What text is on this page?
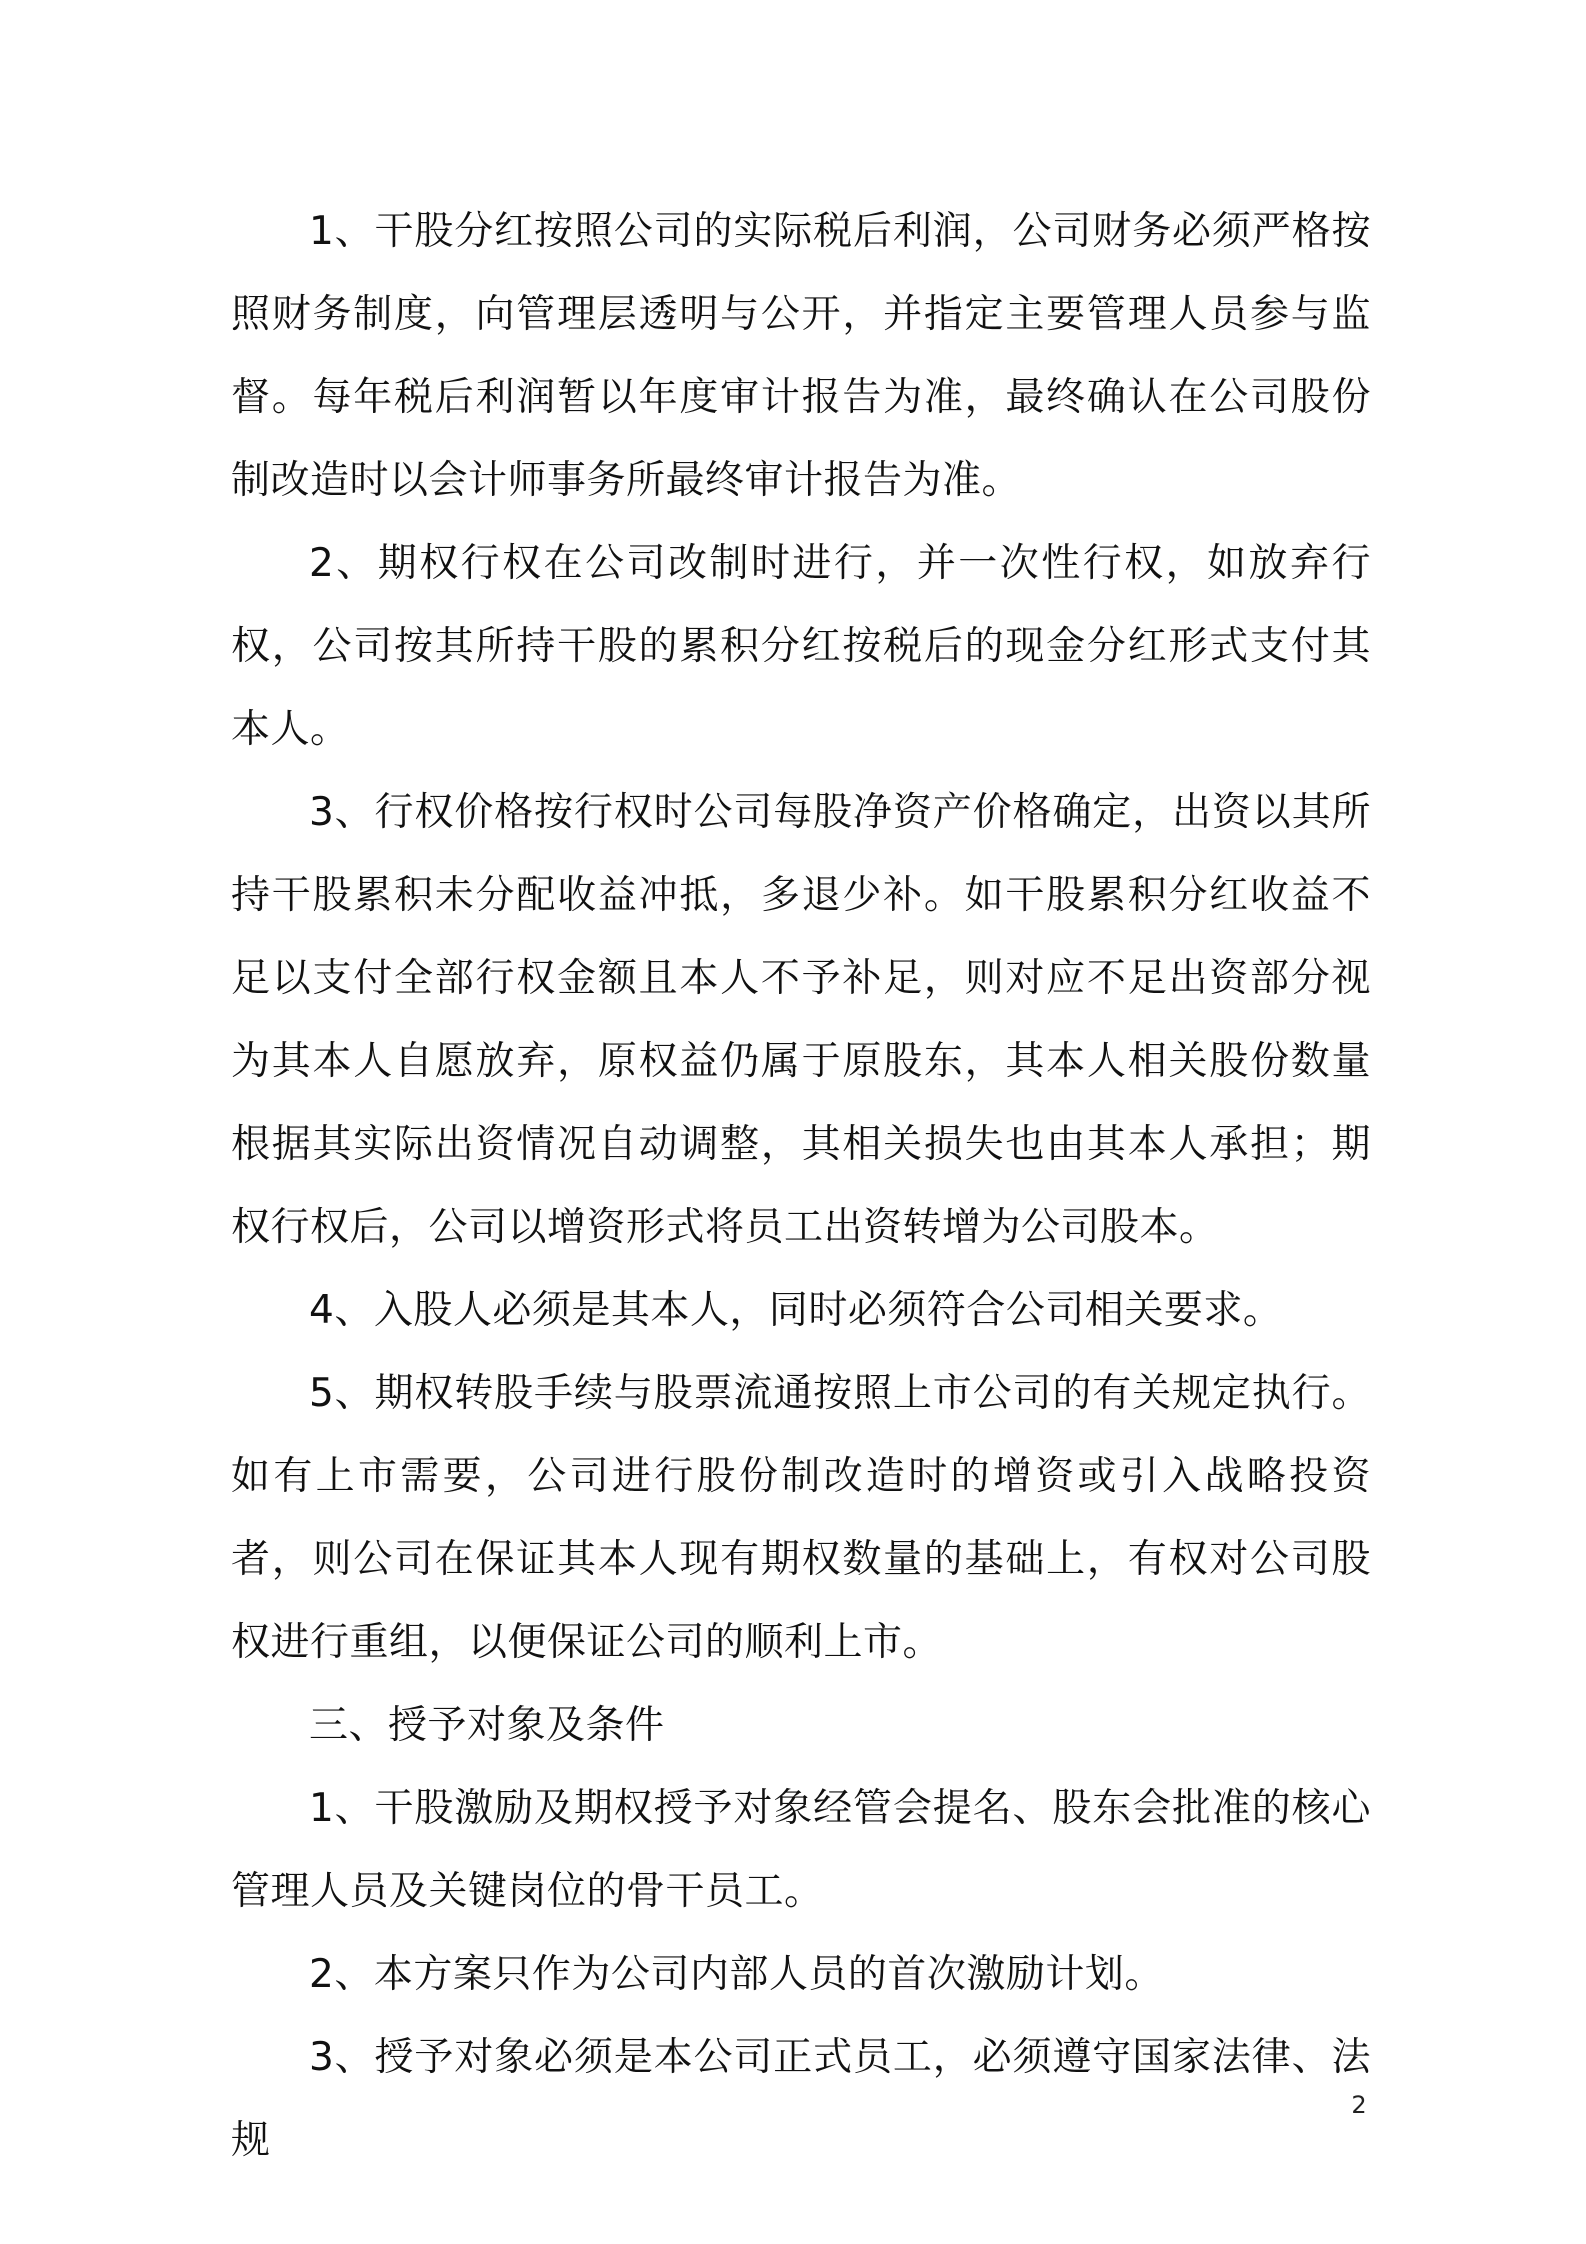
1、干股分红按照公司的实际税后利润，公司财务必须严格按照财务制度，向管理层透明与公开，并指定主要管理人员参与监督。每年税后利润暂以年度审计报告为准，最终确认在公司股份制改造时以会计师事务所最终审计报告为准。

2、期权行权在公司改制时进行，并一次性行权，如放弃行权，公司按其所持干股的累积分红按税后的现金分红形式支付其本人。

3、行权价格按行权时公司每股净资产价格确定，出资以其所持干股累积未分配收益冲抵，多退少补。如干股累积分红收益不足以支付全部行权金额且本人不予补足，则对应不足出资部分视为其本人自愿放弃，原权益仍属于原股东，其本人相关股份数量根据其实际出资情况自动调整，其相关损失也由其本人承担；期权行权后，公司以增资形式将员工出资转增为公司股本。

4、入股人必须是其本人，同时必须符合公司相关要求。

5、期权转股手续与股票流通按照上市公司的有关规定执行。如有上市需要，公司进行股份制改造时的增资或引入战略投资者，则公司在保证其本人现有期权数量的基础上，有权对公司股权进行重组，以便保证公司的顺利上市。

三、授予对象及条件

1、干股激励及期权授予对象经管会提名、股东会批准的核心管理人员及关键岗位的骨干员工。

2、本方案只作为公司内部人员的首次激励计划。

3、授予对象必须是本公司正式员工，必须遵守国家法律、法规

2
